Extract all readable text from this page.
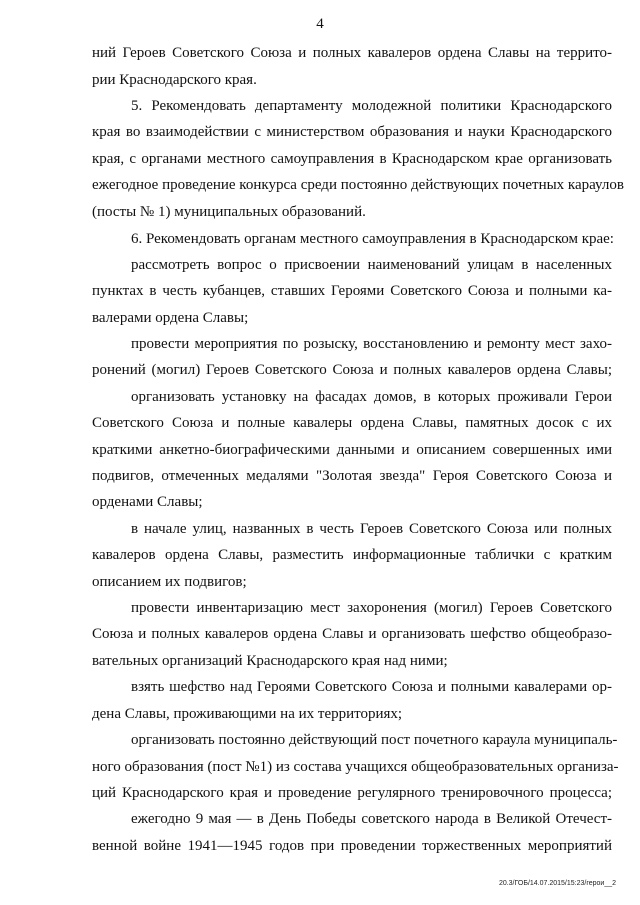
4
ний Героев Советского Союза и полных кавалеров ордена Славы на террито-
рии Краснодарского края.
5. Рекомендовать департаменту молодежной политики Краснодарского
края во взаимодействии с министерством образования и науки Краснодарского
края, с органами местного самоуправления в Краснодарском крае организовать
ежегодное проведение конкурса среди постоянно действующих почетных караулов
(посты № 1) муниципальных образований.
6. Рекомендовать органам местного самоуправления в Краснодарском крае:
рассмотреть вопрос о присвоении наименований улицам в населенных
пунктах в честь кубанцев, ставших Героями Советского Союза и полными ка-
валерами ордена Славы;
провести мероприятия по розыску, восстановлению и ремонту мест захо-
ронений (могил) Героев Советского Союза и полных кавалеров ордена Славы;
организовать установку на фасадах домов, в которых проживали Герои
Советского Союза и полные кавалеры ордена Славы, памятных досок с их
краткими анкетно-биографическими данными и описанием совершенных ими
подвигов, отмеченных медалями "Золотая звезда" Героя Советского Союза и
орденами Славы;
в начале улиц, названных в честь Героев Советского Союза или полных
кавалеров ордена Славы, разместить информационные таблички с кратким
описанием их подвигов;
провести инвентаризацию мест захоронения (могил) Героев Советского
Союза и полных кавалеров ордена Славы и организовать шефство общеобразо-
вательных организаций Краснодарского края над ними;
взять шефство над Героями Советского Союза и полными кавалерами ор-
дена Славы, проживающими на их территориях;
организовать постоянно действующий пост почетного караула муниципаль-
ного образования (пост №1) из состава учащихся общеобразовательных организа-
ций Краснодарского края и проведение регулярного тренировочного процесса;
ежегодно 9 мая — в День Победы советского народа в Великой Отечест-
венной войне 1941—1945 годов при проведении торжественных мероприятий
20.3/ГОБ/14.07.2015/15:23/герои__2
